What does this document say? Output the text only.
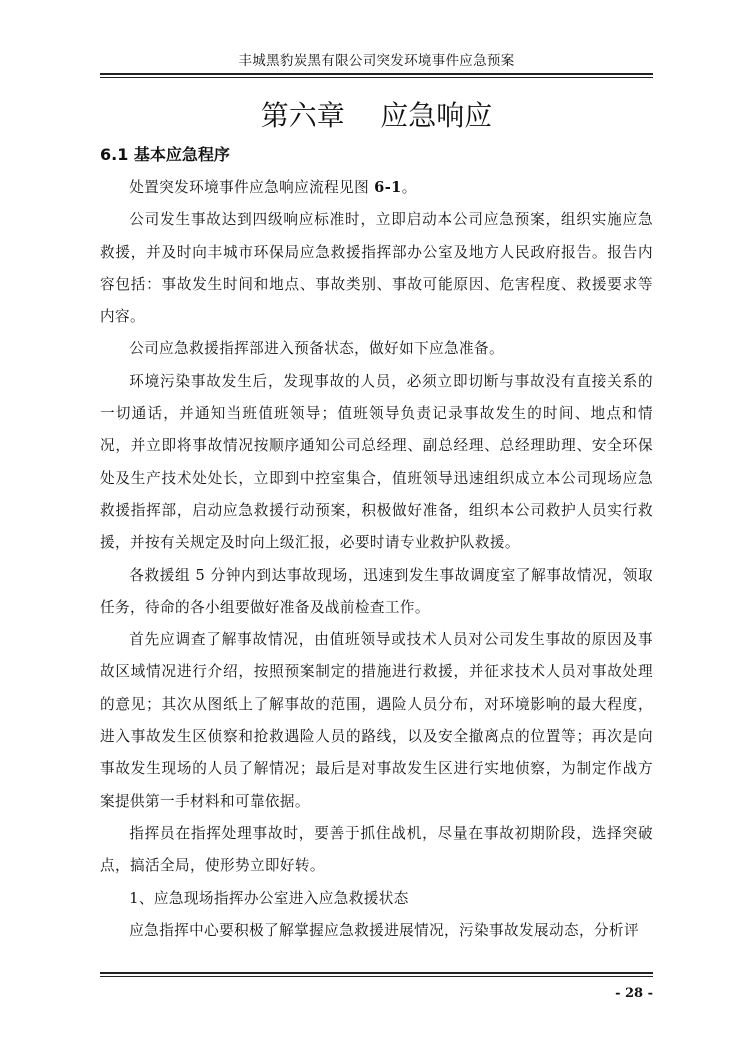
丰城黑豹炭黑有限公司突发环境事件应急预案
第六章    应急响应
6.1 基本应急程序

处置突发环境事件应急响应流程见图 6-1。

公司发生事故达到四级响应标准时，立即启动本公司应急预案，组织实施应急救援，并及时向丰城市环保局应急救援指挥部办公室及地方人民政府报告。报告内容包括：事故发生时间和地点、事故类别、事故可能原因、危害程度、救援要求等内容。

公司应急救援指挥部进入预备状态，做好如下应急准备。

环境污染事故发生后，发现事故的人员，必须立即切断与事故没有直接关系的一切通话，并通知当班值班领导；值班领导负责记录事故发生的时间、地点和情况，并立即将事故情况按顺序通知公司总经理、副总经理、总经理助理、安全环保处及生产技术处处长，立即到中控室集合，值班领导迅速组织成立本公司现场应急救援指挥部，启动应急救援行动预案，积极做好准备，组织本公司救护人员实行救援，并按有关规定及时向上级汇报，必要时请专业救护队救援。

各救援组 5 分钟内到达事故现场，迅速到发生事故调度室了解事故情况，领取任务，待命的各小组要做好准备及战前检查工作。

首先应调查了解事故情况，由值班领导或技术人员对公司发生事故的原因及事故区域情况进行介绍，按照预案制定的措施进行救援，并征求技术人员对事故处理的意见；其次从图纸上了解事故的范围，遇险人员分布，对环境影响的最大程度，进入事故发生区侦察和抢救遇险人员的路线，以及安全撤离点的位置等；再次是向事故发生现场的人员了解情况；最后是对事故发生区进行实地侦察，为制定作战方案提供第一手材料和可靠依据。

指挥员在指挥处理事故时，要善于抓住战机，尽量在事故初期阶段，选择突破点，搞活全局，使形势立即好转。

1、应急现场指挥办公室进入应急救援状态

应急指挥中心要积极了解掌握应急救援进展情况，污染事故发展动态，分析评

- 28 -
